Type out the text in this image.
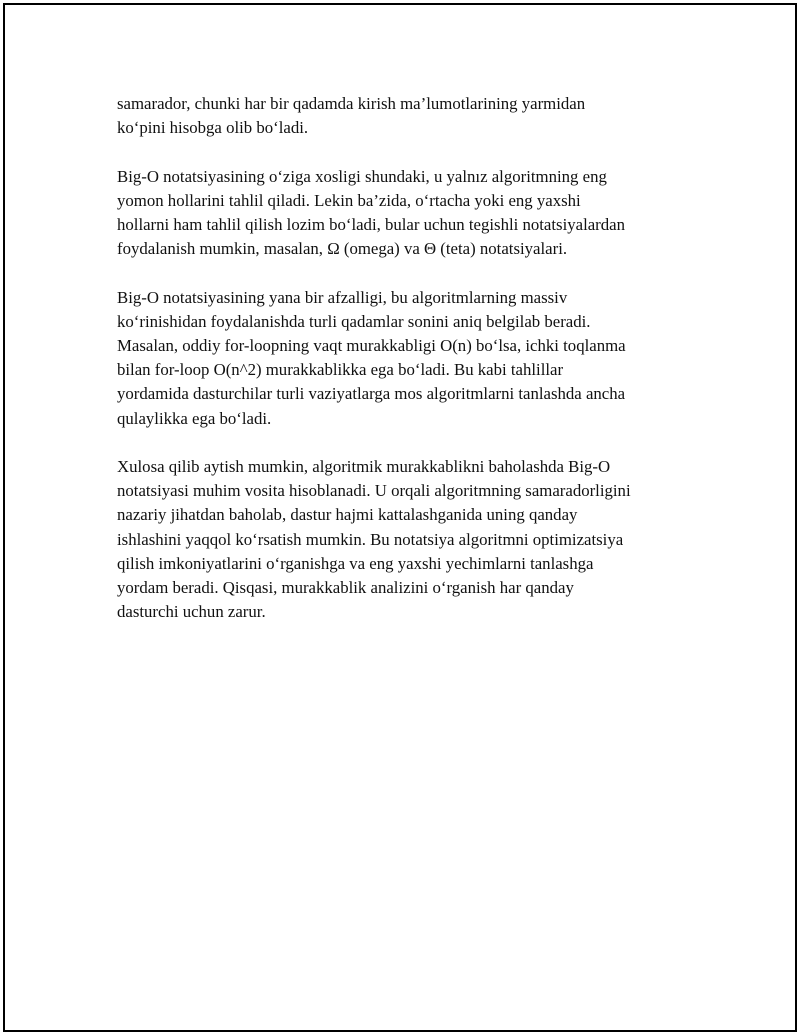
samarador, chunki har bir qadamda kirish ma’lumotlarining yarmidan
ko‘pini hisobga olib bo‘ladi.

Big-O notatsiyasining o‘ziga xosligi shundaki, u yalnız algoritmning eng
yomon hollarini tahlil qiladi. Lekin ba’zida, o‘rtacha yoki eng yaxshi
hollarni ham tahlil qilish lozim bo‘ladi, bular uchun tegishli notatsiyalardan
foydalanish mumkin, masalan, Ω (omega) va Θ (teta) notatsiyalari.

Big-O notatsiyasining yana bir afzalligi, bu algoritmlarning massiv
ko‘rinishidan foydalanishda turli qadamlar sonini aniq belgilab beradi.
Masalan, oddiy for-loopning vaqt murakkabligi O(n) bo‘lsa, ichki toqlanma
bilan for-loop O(n^2) murakkablikka ega bo‘ladi. Bu kabi tahlillar
yordamida dasturchilar turli vaziyatlarga mos algoritmlarni tanlashda ancha
qulaylikka ega bo‘ladi.

Xulosa qilib aytish mumkin, algoritmik murakkablikni baholashda Big-O
notatsiyasi muhim vosita hisoblanadi. U orqali algoritmning samaradorligini
nazariy jihatdan baholab, dastur hajmi kattalashganida uning qanday
ishlashini yaqqol ko‘rsatish mumkin. Bu notatsiya algoritmni optimizatsiya
qilish imkoniyatlarini o‘rganishga va eng yaxshi yechimlarni tanlashga
yordam beradi. Qisqasi, murakkablik analizini o‘rganish har qanday
dasturchi uchun zarur.
